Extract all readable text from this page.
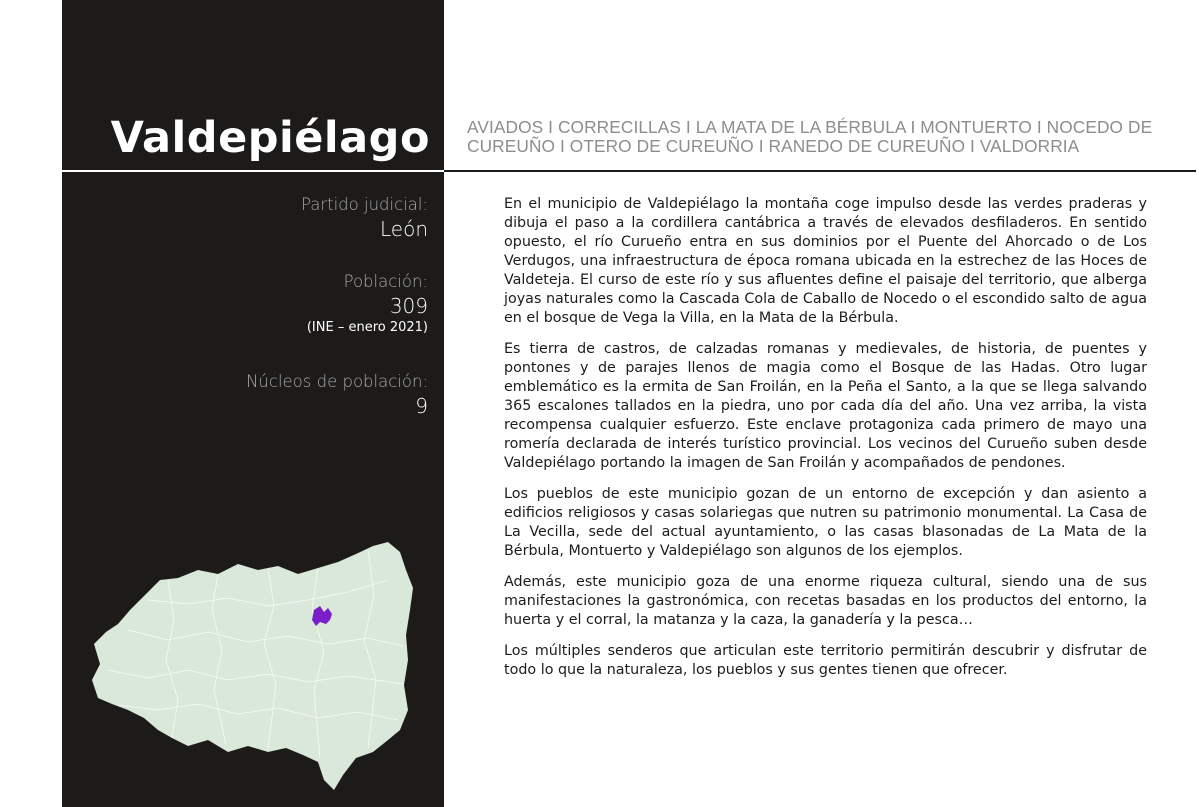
Valdepiélago AVIADOS I CORRECILLAS I LA MATA DE LA BÉRBULA I MONTUERTO I NOCEDO DE CUREUÑO I OTERO DE CUREUÑO I RANEDO DE CUREUÑO I VALDORRIA
Partido judicial:
León
Población:
309
(INE – enero 2021)
Núcleos de población:
9

En el municipio de Valdepiélago la montaña coge impulso desde las verdes praderas y dibuja el paso a la cordillera cantábrica a través de elevados desfiladeros. En sentido opuesto, el río Curueño entra en sus dominios por el Puente del Ahorcado o de Los Verdugos, una infraestructura de época romana ubicada en la estrechez de las Hoces de Valdeteja. El curso de este río y sus afluentes define el paisaje del territorio, que alberga joyas naturales como la Cascada Cola de Caballo de Nocedo o el escondido salto de agua en el bosque de Vega la Villa, en la Mata de la Bérbula.

Es tierra de castros, de calzadas romanas y medievales, de historia, de puentes y pontones y de parajes llenos de magia como el Bosque de las Hadas. Otro lugar emblemático es la ermita de San Froilán, en la Peña el Santo, a la que se llega salvando 365 escalones tallados en la piedra, uno por cada día del año. Una vez arriba, la vista recompensa cualquier esfuerzo. Este enclave protagoniza cada primero de mayo una romería declarada de interés turístico provincial. Los vecinos del Curueño suben desde Valdepiélago portando la imagen de San Froilán y acompañados de pendones.

Los pueblos de este municipio gozan de un entorno de excepción y dan asiento a edificios religiosos y casas solariegas que nutren su patrimonio monumental. La Casa de La Vecilla, sede del actual ayuntamiento, o las casas blasonadas de La Mata de la Bérbula, Montuerto y Valdepiélago son algunos de los ejemplos.

Además, este municipio goza de una enorme riqueza cultural, siendo una de sus manifestaciones la gastronómica, con recetas basadas en los productos del entorno, la huerta y el corral, la matanza y la caza, la ganadería y la pesca…

Los múltiples senderos que articulan este territorio permitirán descubrir y disfrutar de todo lo que la naturaleza, los pueblos y sus gentes tienen que ofrecer.
